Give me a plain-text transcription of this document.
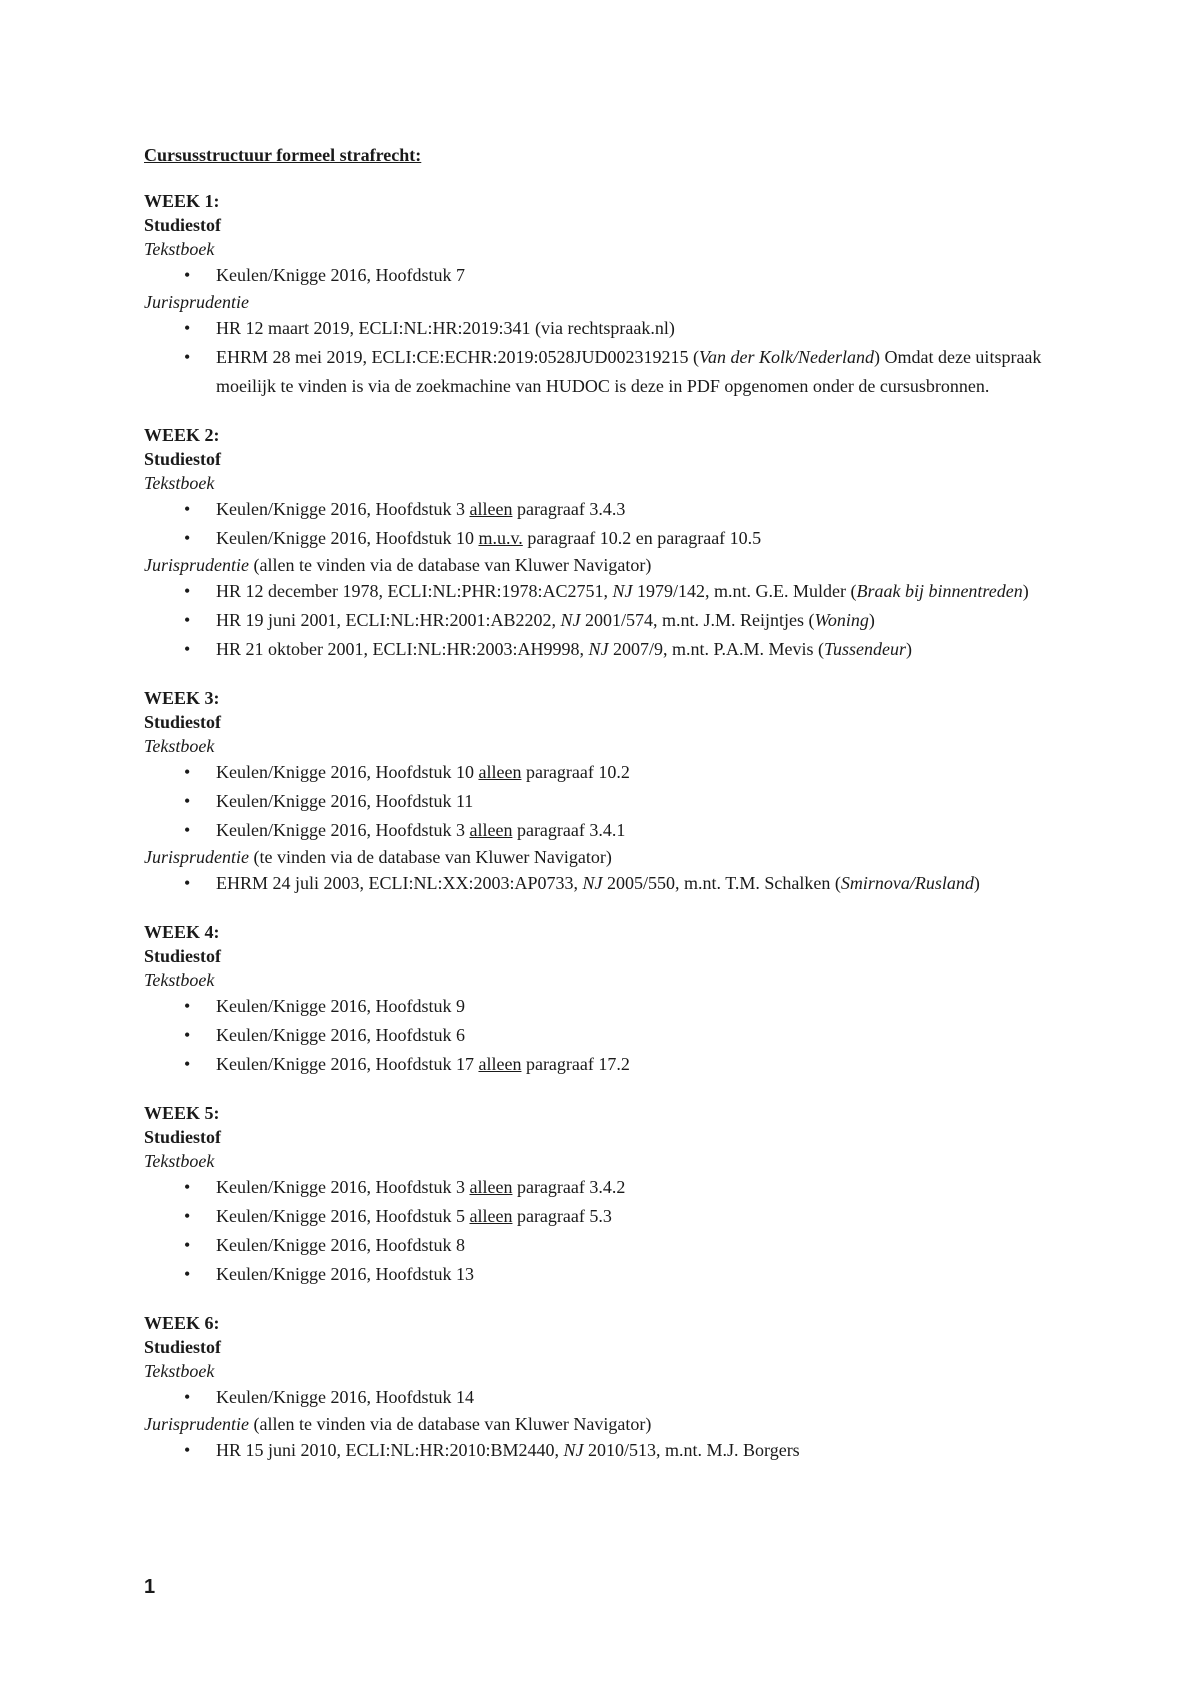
Cursusstructuur formeel strafrecht:
WEEK 1:
Studiestof
Tekstboek
• Keulen/Knigge 2016, Hoofdstuk 7
Jurisprudentie
• HR 12 maart 2019, ECLI:NL:HR:2019:341 (via rechtspraak.nl)
• EHRM 28 mei 2019, ECLI:CE:ECHR:2019:0528JUD002319215 (Van der Kolk/Nederland) Omdat deze uitspraak moeilijk te vinden is via de zoekmachine van HUDOC is deze in PDF opgenomen onder de cursusbronnen.
WEEK 2:
Studiestof
Tekstboek
• Keulen/Knigge 2016, Hoofdstuk 3 alleen paragraaf 3.4.3
• Keulen/Knigge 2016, Hoofdstuk 10 m.u.v. paragraaf 10.2 en paragraaf 10.5
Jurisprudentie (allen te vinden via de database van Kluwer Navigator)
• HR 12 december 1978, ECLI:NL:PHR:1978:AC2751, NJ 1979/142, m.nt. G.E. Mulder (Braak bij binnentreden)
• HR 19 juni 2001, ECLI:NL:HR:2001:AB2202, NJ 2001/574, m.nt. J.M. Reijntjes (Woning)
• HR 21 oktober 2001, ECLI:NL:HR:2003:AH9998, NJ 2007/9, m.nt. P.A.M. Mevis (Tussendeur)
WEEK 3:
Studiestof
Tekstboek
• Keulen/Knigge 2016, Hoofdstuk 10 alleen paragraaf 10.2
• Keulen/Knigge 2016, Hoofdstuk 11
• Keulen/Knigge 2016, Hoofdstuk 3 alleen paragraaf 3.4.1
Jurisprudentie (te vinden via de database van Kluwer Navigator)
• EHRM 24 juli 2003, ECLI:NL:XX:2003:AP0733, NJ 2005/550, m.nt. T.M. Schalken (Smirnova/Rusland)
WEEK 4:
Studiestof
Tekstboek
• Keulen/Knigge 2016, Hoofdstuk 9
• Keulen/Knigge 2016, Hoofdstuk 6
• Keulen/Knigge 2016, Hoofdstuk 17 alleen paragraaf 17.2
WEEK 5:
Studiestof
Tekstboek
• Keulen/Knigge 2016, Hoofdstuk 3 alleen paragraaf 3.4.2
• Keulen/Knigge 2016, Hoofdstuk 5 alleen paragraaf 5.3
• Keulen/Knigge 2016, Hoofdstuk 8
• Keulen/Knigge 2016, Hoofdstuk 13
WEEK 6:
Studiestof
Tekstboek
• Keulen/Knigge 2016, Hoofdstuk 14
Jurisprudentie (allen te vinden via de database van Kluwer Navigator)
• HR 15 juni 2010, ECLI:NL:HR:2010:BM2440, NJ 2010/513, m.nt. M.J. Borgers
1
